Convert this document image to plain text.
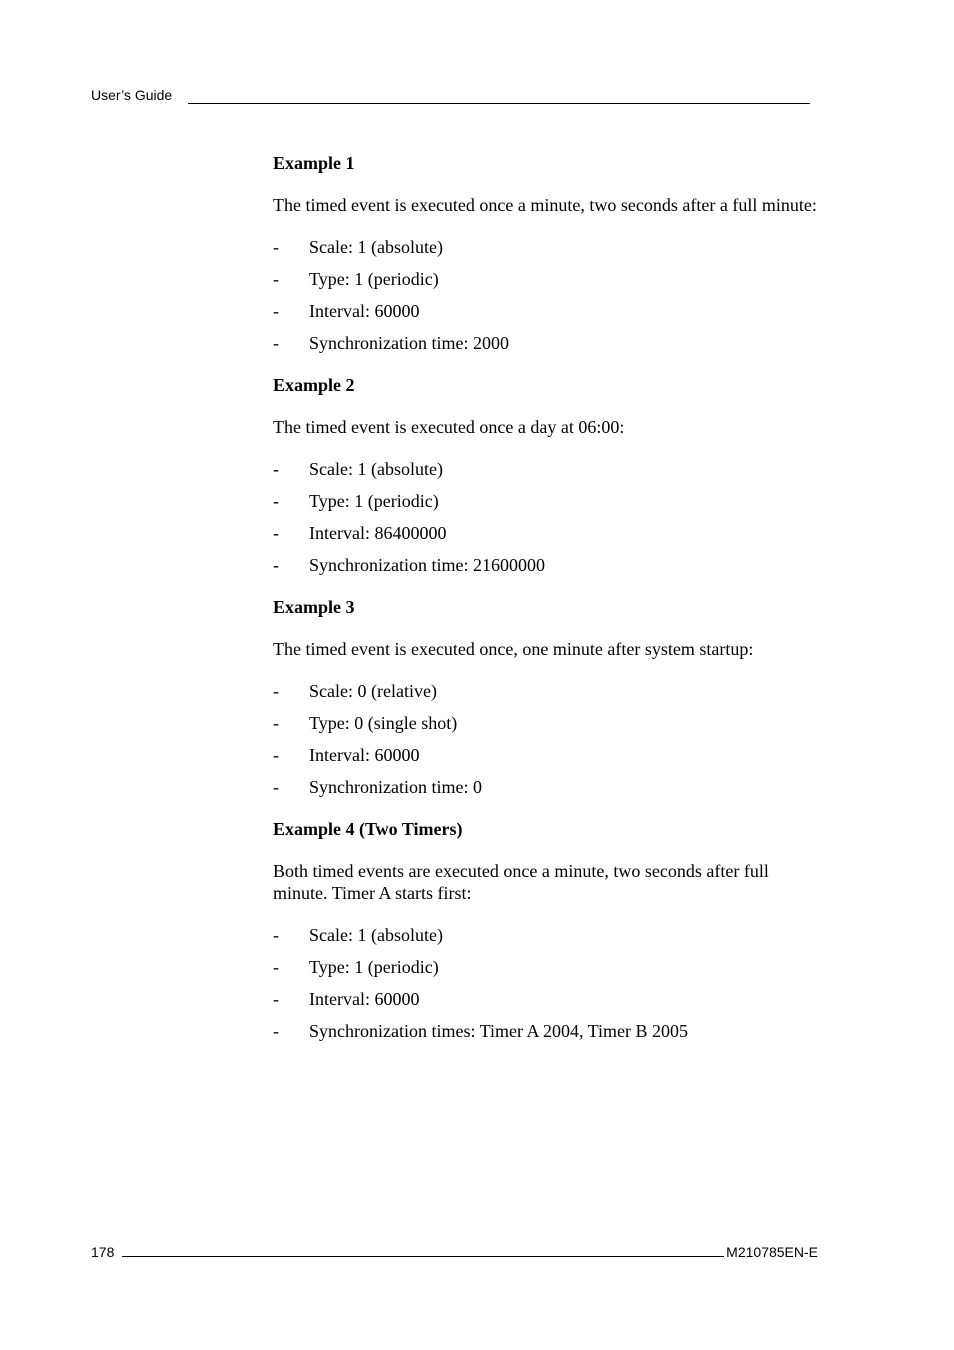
User’s Guide
Example 1

The timed event is executed once a minute, two seconds after a full minute:

- Scale: 1 (absolute)
- Type: 1 (periodic)
- Interval: 60000
- Synchronization time: 2000
Example 2

The timed event is executed once a day at 06:00:

- Scale: 1 (absolute)
- Type: 1 (periodic)
- Interval: 86400000
- Synchronization time: 21600000
Example 3

The timed event is executed once, one minute after system startup:

- Scale: 0 (relative)
- Type: 0 (single shot)
- Interval: 60000
- Synchronization time: 0
Example 4 (Two Timers)

Both timed events are executed once a minute, two seconds after full minute. Timer A starts first:

- Scale: 1 (absolute)
- Type: 1 (periodic)
- Interval: 60000
- Synchronization times: Timer A 2004, Timer B 2005
178	M210785EN-E
